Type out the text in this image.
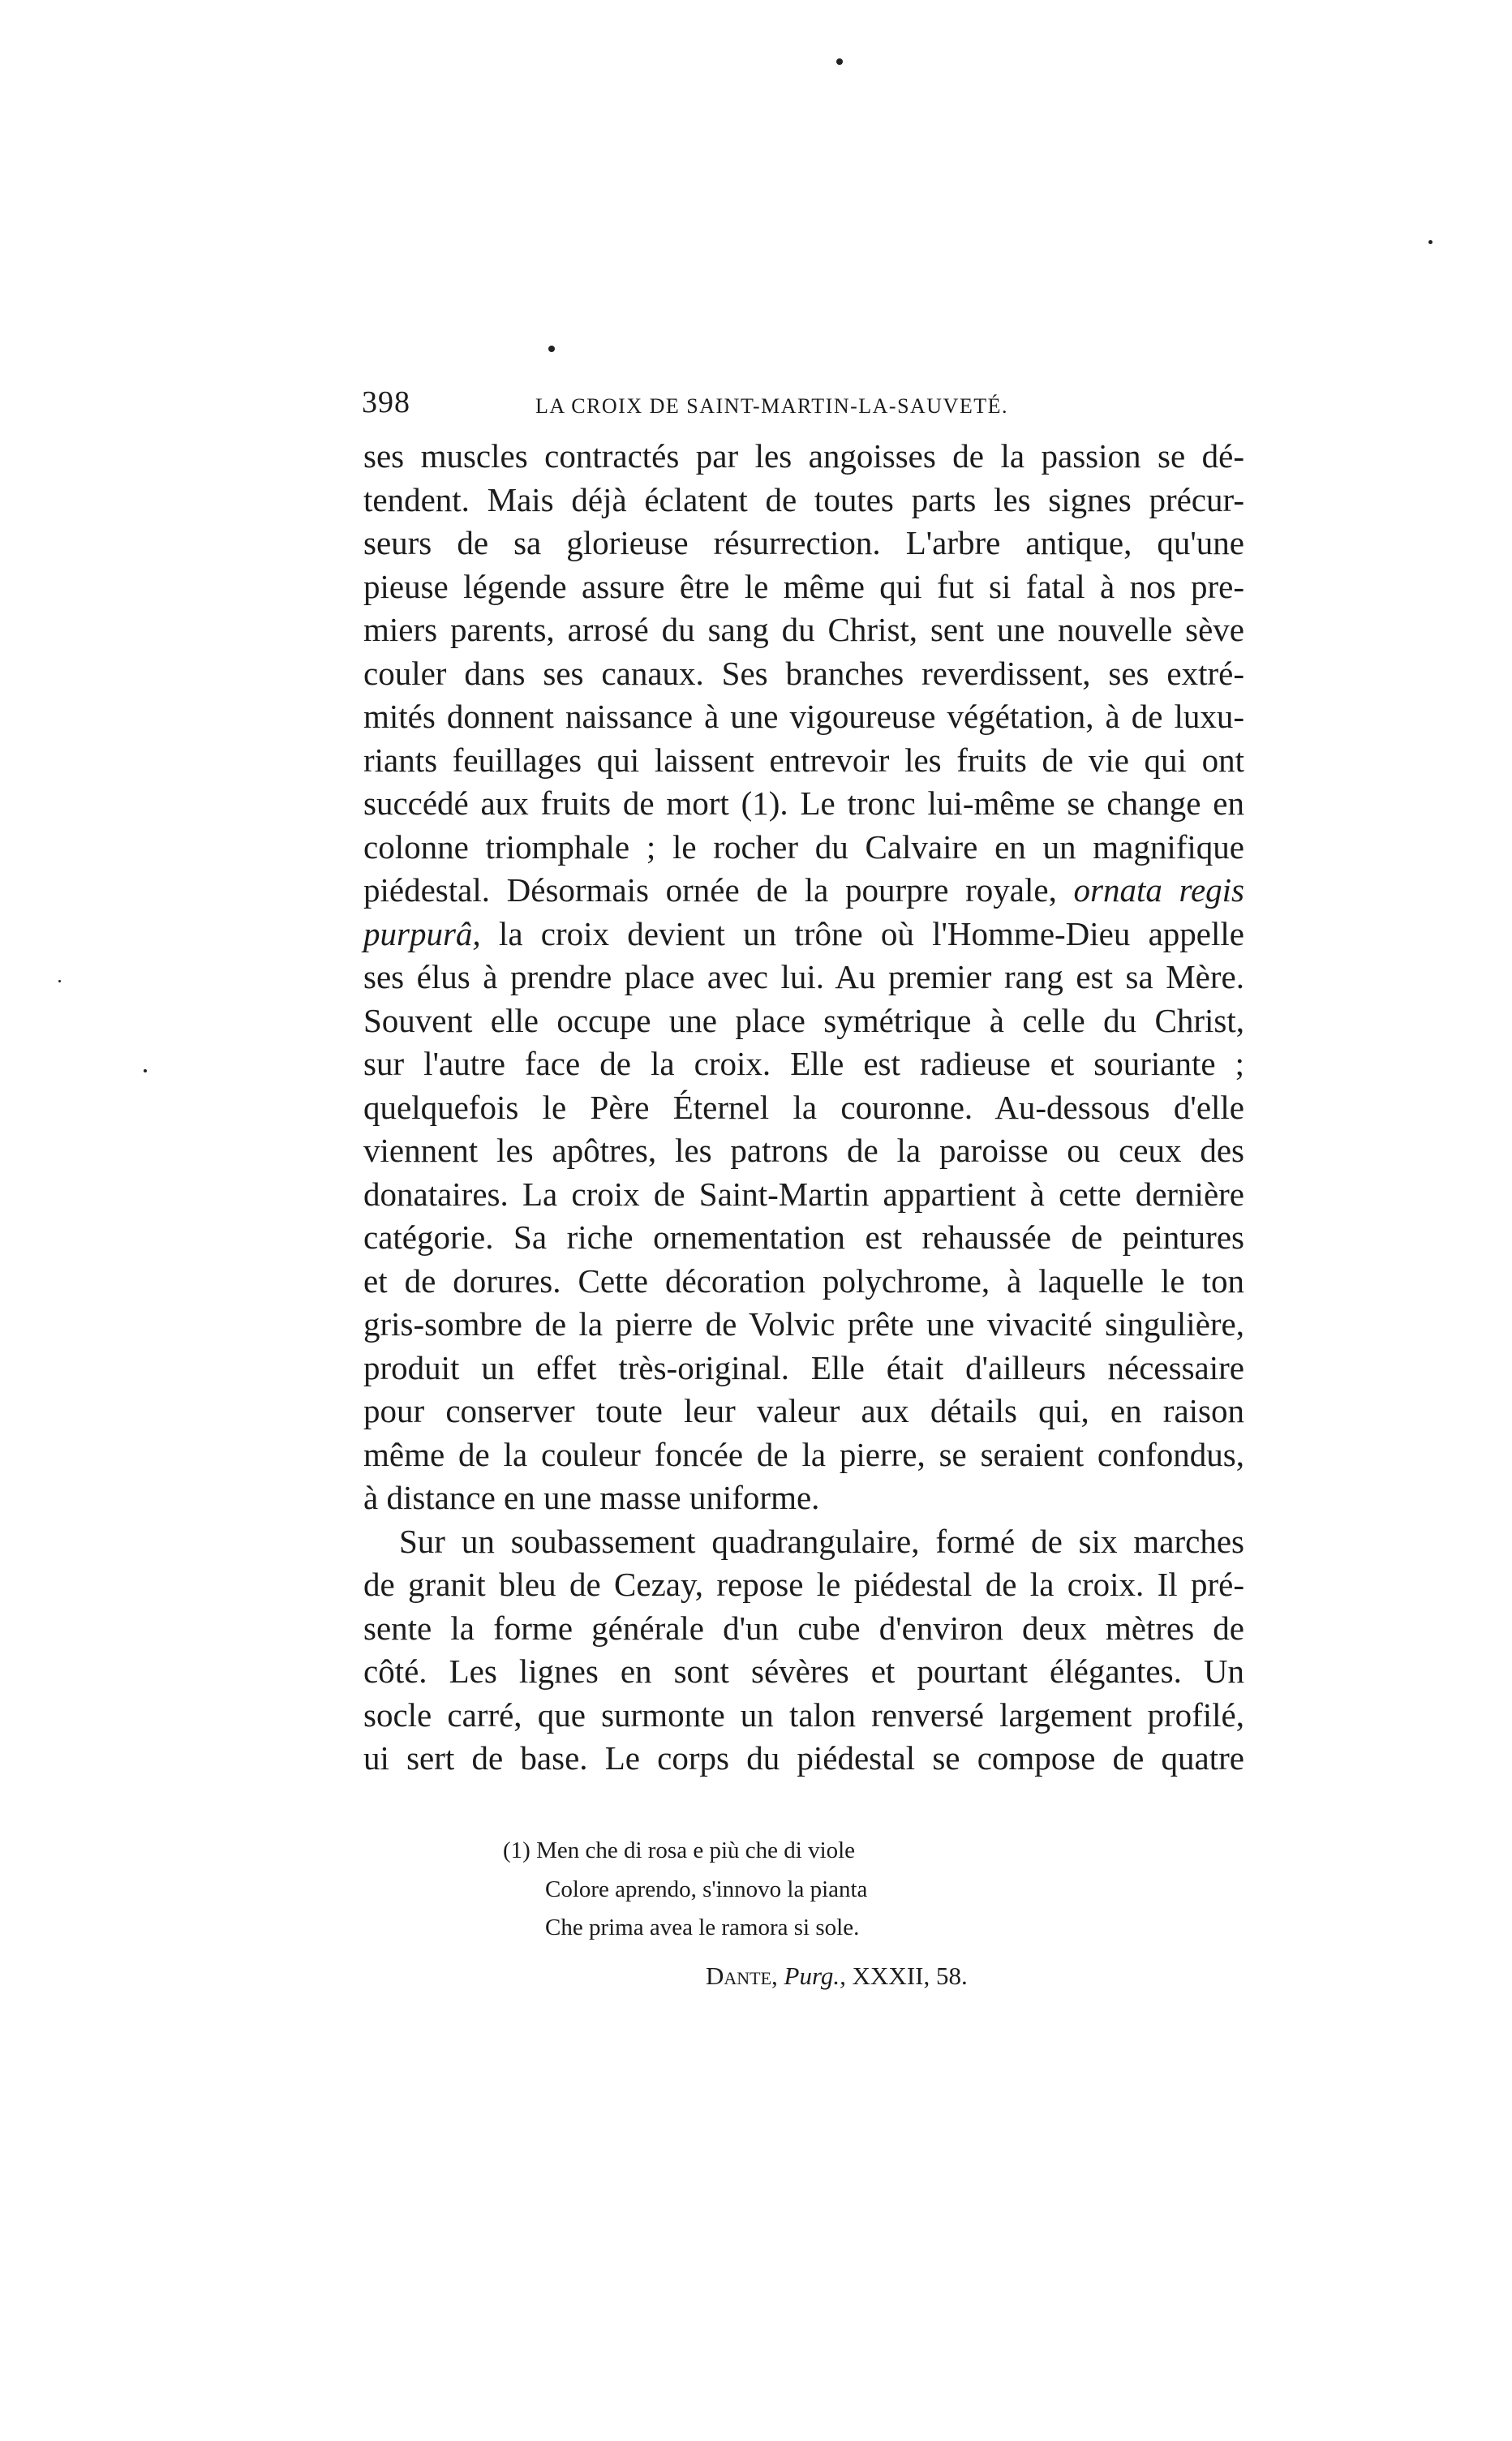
398	LA CROIX DE SAINT-MARTIN-LA-SAUVETÉ.
ses muscles contractés par les angoisses de la passion se dé-
tendent. Mais déjà éclatent de toutes parts les signes précur-
seurs de sa glorieuse résurrection. L'arbre antique, qu'une
pieuse légende assure être le même qui fut si fatal à nos pre-
miers parents, arrosé du sang du Christ, sent une nouvelle sève
couler dans ses canaux. Ses branches reverdissent, ses extré-
mités donnent naissance à une vigoureuse végétation, à de luxu-
riants feuillages qui laissent entrevoir les fruits de vie qui ont
succédé aux fruits de mort (1). Le tronc lui-même se change en
colonne triomphale ; le rocher du Calvaire en un magnifique
piédestal. Désormais ornée de la pourpre royale, ornata regis
purpurâ, la croix devient un trône où l'Homme-Dieu appelle
ses élus à prendre place avec lui. Au premier rang est sa Mère.
Souvent elle occupe une place symétrique à celle du Christ,
sur l'autre face de la croix. Elle est radieuse et souriante ;
quelquefois le Père Éternel la couronne. Au-dessous d'elle
viennent les apôtres, les patrons de la paroisse ou ceux des
donataires. La croix de Saint-Martin appartient à cette dernière
catégorie. Sa riche ornementation est rehaussée de peintures
et de dorures. Cette décoration polychrome, à laquelle le ton
gris-sombre de la pierre de Volvic prête une vivacité singulière,
produit un effet très-original. Elle était d'ailleurs nécessaire
pour conserver toute leur valeur aux détails qui, en raison
même de la couleur foncée de la pierre, se seraient confondus,
à distance en une masse uniforme.
Sur un soubassement quadrangulaire, formé de six marches
de granit bleu de Cezay, repose le piédestal de la croix. Il pré-
sente la forme générale d'un cube d'environ deux mètres de
côté. Les lignes en sont sévères et pourtant élégantes. Un
socle carré, que surmonte un talon renversé largement profilé,
ui sert de base. Le corps du piédestal se compose de quatre
(1) Men che di rosa e più che di viole
Colore aprendo, s'innovo la pianta
Che prima avea le ramora si sole.
Dante, Purg., XXXII, 58.
